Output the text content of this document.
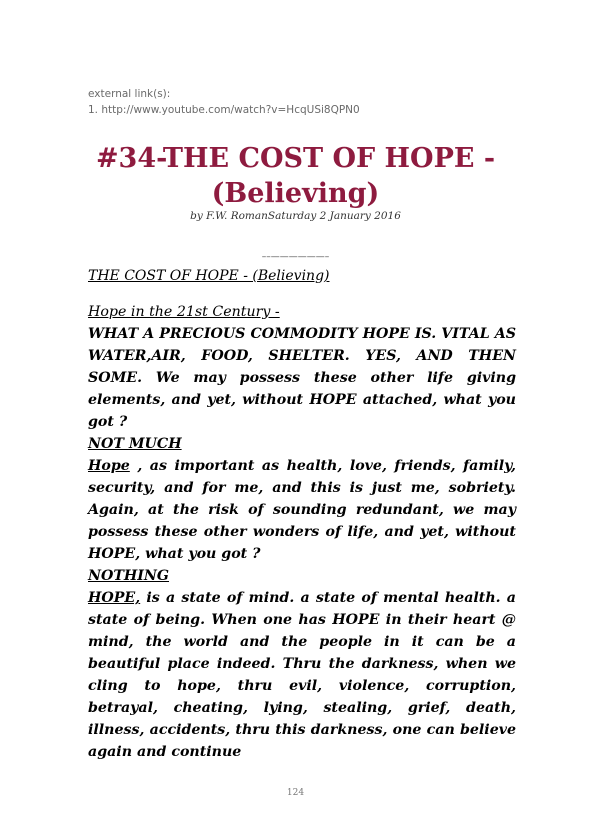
external link(s):
1. http://www.youtube.com/watch?v=HcqUSi8QPN0
#34-THE COST OF HOPE -
(Believing)
by F.W. RomanSaturday 2 January 2016
––——————–
THE COST OF HOPE - (Believing)
Hope in the 21st Century -

WHAT A PRECIOUS COMMODITY HOPE IS. VITAL AS WATER,AIR, FOOD, SHELTER. YES, AND THEN SOME. We may possess these other life giving elements, and yet, without HOPE attached, what you got ?

NOT MUCH

Hope , as important as health, love, friends, family, security, and for me, and this is just me, sobriety. Again, at the risk of sounding redundant, we may possess these other wonders of life, and yet, without HOPE, what you got ?

NOTHING

HOPE, is a state of mind. a state of mental health. a state of being. When one has HOPE in their heart @ mind, the world and the people in it can be a beautiful place indeed. Thru the darkness, when we cling to hope, thru evil, violence, corruption, betrayal, cheating, lying, stealing, grief, death, illness, accidents, thru this darkness, one can believe again and continue

124
